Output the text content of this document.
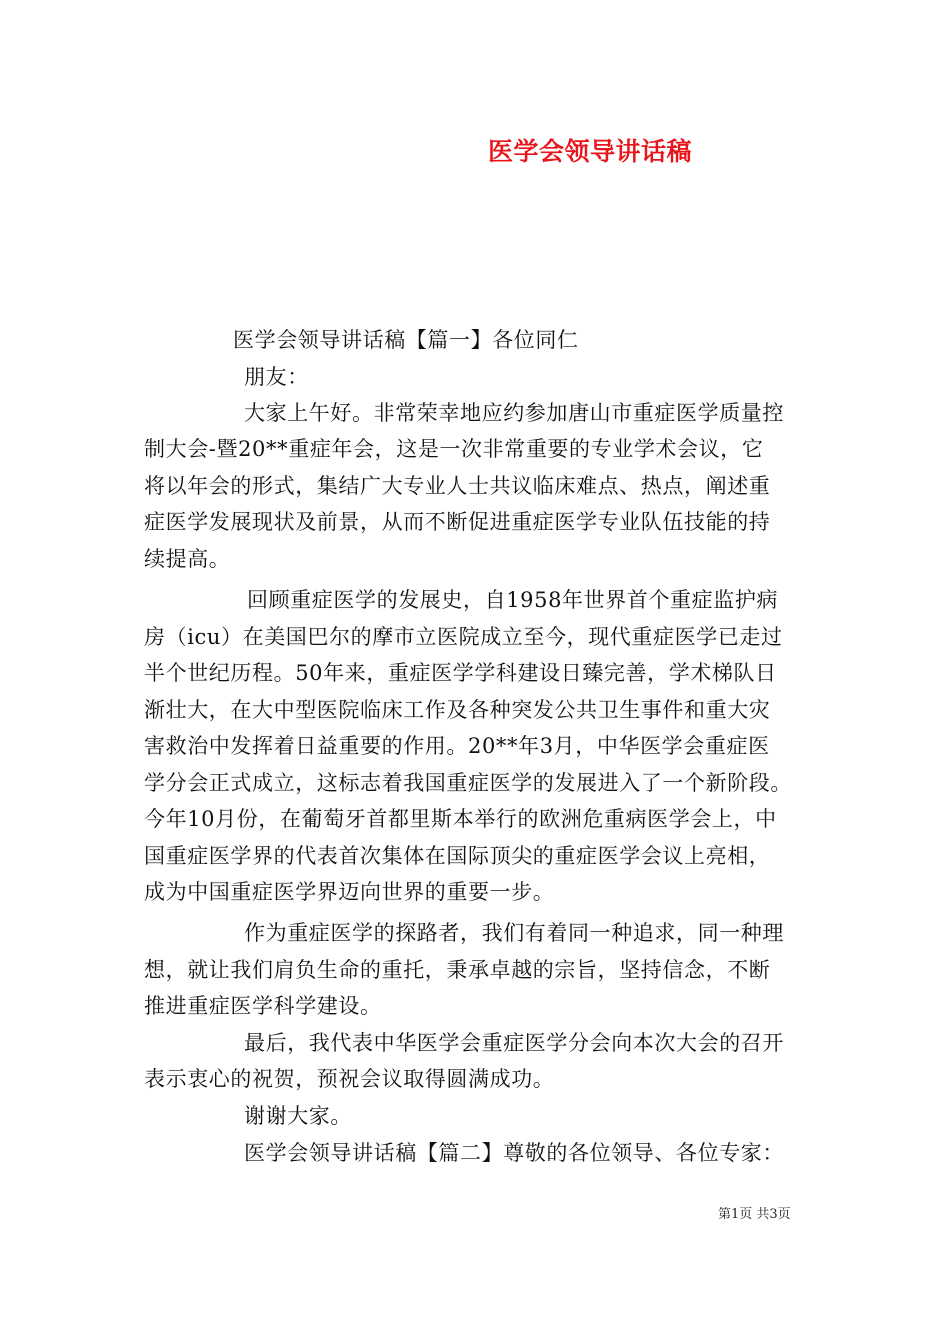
医学会领导讲话稿
医学会领导讲话稿【篇一】各位同仁
朋友：
大家上午好。非常荣幸地应约参加唐山市重症医学质量控
制大会-暨20**重症年会，这是一次非常重要的专业学术会议，它
将以年会的形式，集结广大专业人士共议临床难点、热点，阐述重
症医学发展现状及前景，从而不断促进重症医学专业队伍技能的持
续提高。
回顾重症医学的发展史，自1958年世界首个重症监护病
房（icu）在美国巴尔的摩市立医院成立至今，现代重症医学已走过
半个世纪历程。50年来，重症医学学科建设日臻完善，学术梯队日
渐壮大，在大中型医院临床工作及各种突发公共卫生事件和重大灾
害救治中发挥着日益重要的作用。20**年3月，中华医学会重症医
学分会正式成立，这标志着我国重症医学的发展进入了一个新阶段。
今年10月份，在葡萄牙首都里斯本举行的欧洲危重病医学会上，中
国重症医学界的代表首次集体在国际顶尖的重症医学会议上亮相，
成为中国重症医学界迈向世界的重要一步。
作为重症医学的探路者，我们有着同一种追求，同一种理
想，就让我们肩负生命的重托，秉承卓越的宗旨，坚持信念，不断
推进重症医学科学建设。
最后，我代表中华医学会重症医学分会向本次大会的召开
表示衷心的祝贺，预祝会议取得圆满成功。
谢谢大家。
医学会领导讲话稿【篇二】尊敬的各位领导、各位专家：
第1页 共3页
